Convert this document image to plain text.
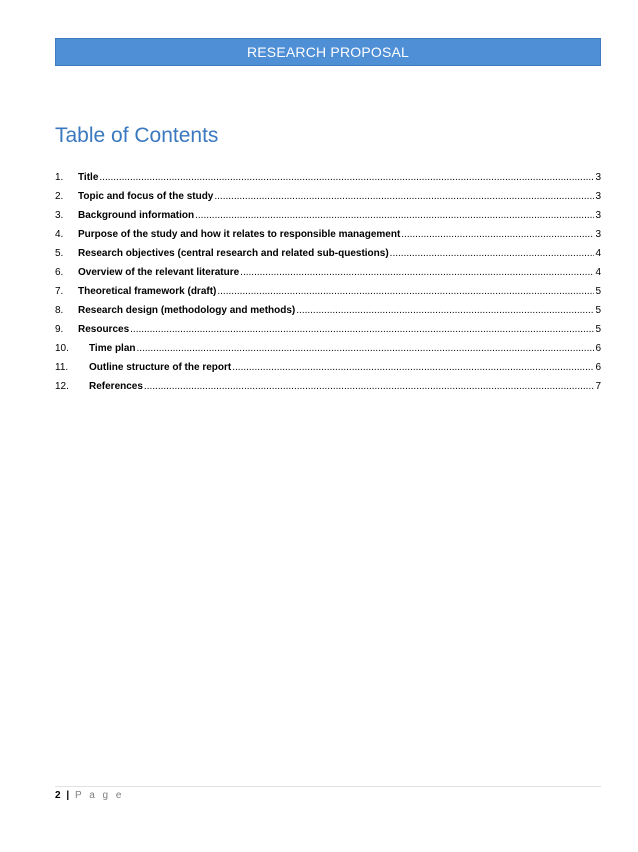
RESEARCH PROPOSAL
Table of Contents
1.	Title .....	3
2.	Topic and focus of the study .....	3
3.	Background information .....	3
4.	Purpose of the study and how it relates to responsible management .....	3
5.	Research objectives (central research and related sub-questions) .....	4
6.	Overview of the relevant literature .....	4
7.	Theoretical framework (draft) .....	5
8.	Research design (methodology and methods) .....	5
9.	Resources .....	5
10.	Time plan .....	6
11.	Outline structure of the report .....	6
12.	References .....	7
2 | P a g e
